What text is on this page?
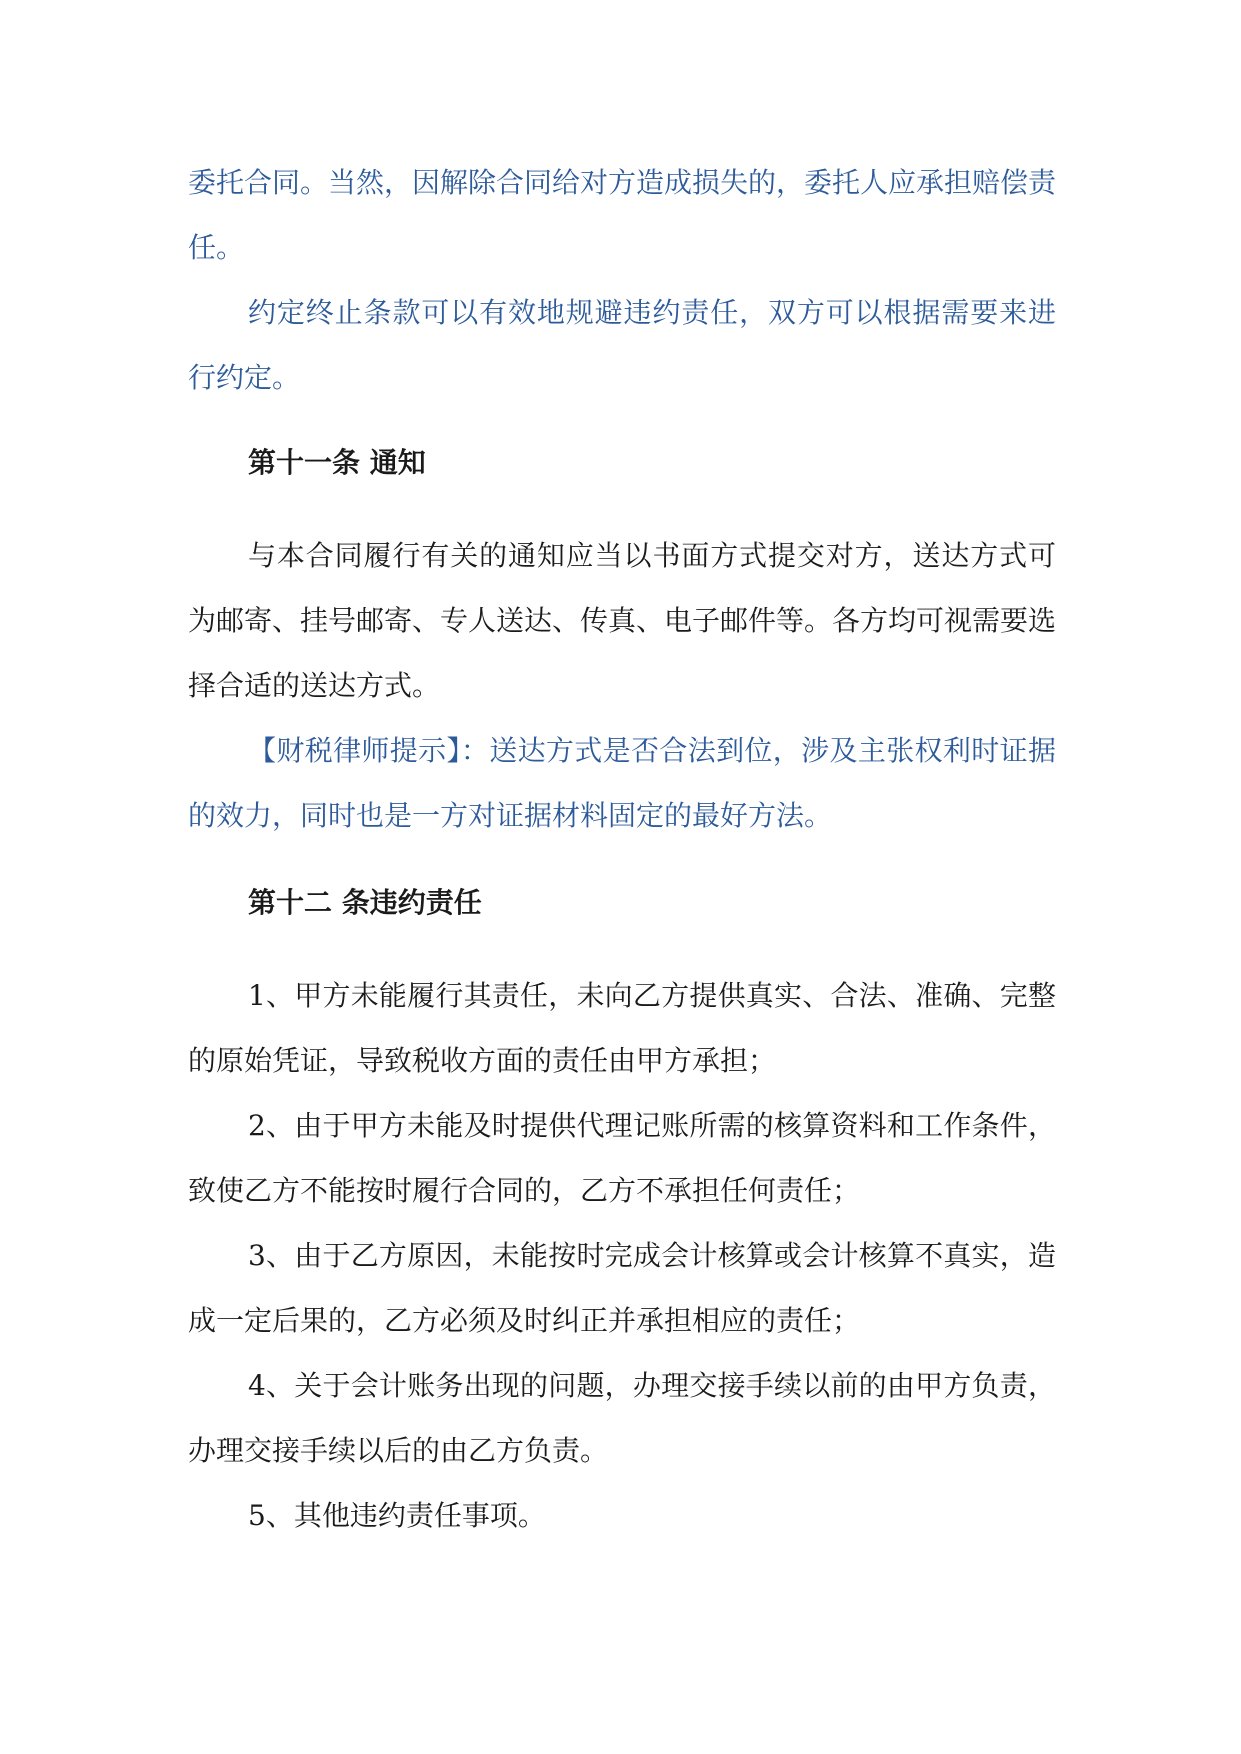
委托合同。当然，因解除合同给对方造成损失的，委托人应承担赔偿责任。

约定终止条款可以有效地规避违约责任，双方可以根据需要来进行约定。

第十一条 通知

与本合同履行有关的通知应当以书面方式提交对方，送达方式可为邮寄、挂号邮寄、专人送达、传真、电子邮件等。各方均可视需要选择合适的送达方式。

【财税律师提示】：送达方式是否合法到位，涉及主张权利时证据的效力，同时也是一方对证据材料固定的最好方法。

第十二 条违约责任

1、甲方未能履行其责任，未向乙方提供真实、合法、准确、完整的原始凭证，导致税收方面的责任由甲方承担；

2、由于甲方未能及时提供代理记账所需的核算资料和工作条件，致使乙方不能按时履行合同的，乙方不承担任何责任；

3、由于乙方原因，未能按时完成会计核算或会计核算不真实，造成一定后果的，乙方必须及时纠正并承担相应的责任；

4、关于会计账务出现的问题，办理交接手续以前的由甲方负责，办理交接手续以后的由乙方负责。

5、其他违约责任事项。
